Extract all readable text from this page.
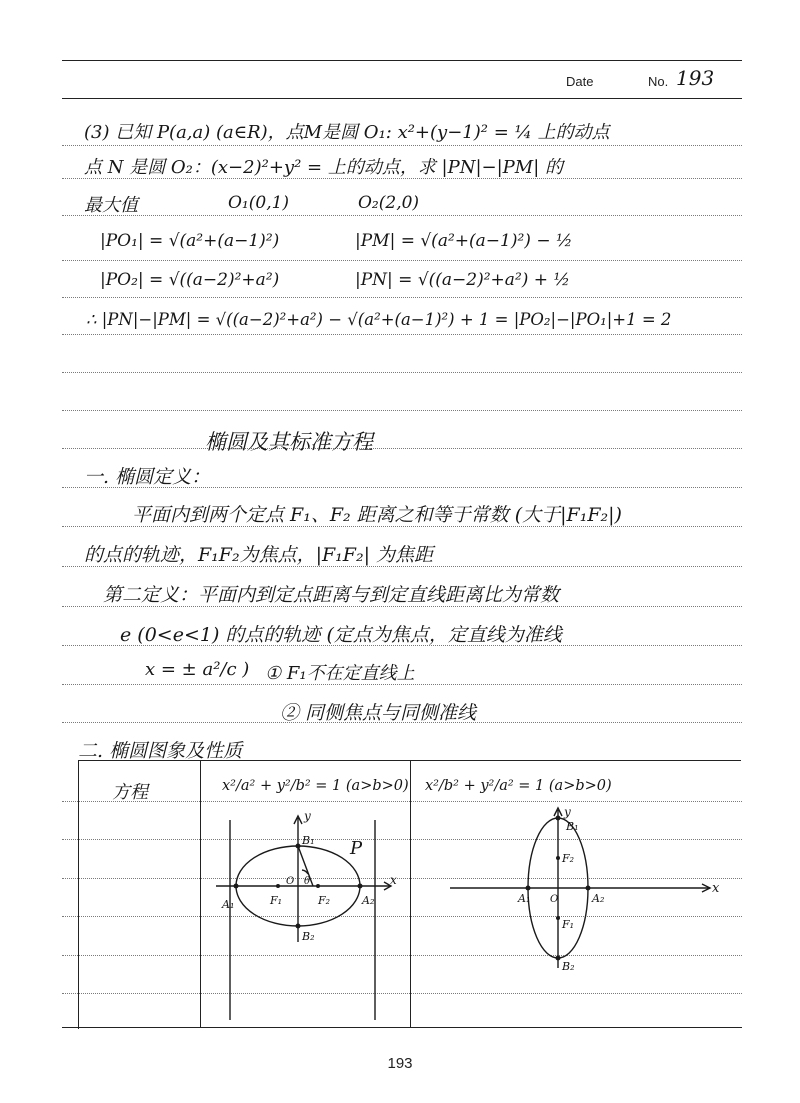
Date	No. 193
(3) 已知 P(a,a) (a∈R)，点M是圆 O₁: x²+(y−1)² = ¼ 上的动点
点 N 是圆 O₂：(x−2)²+y² = 上的动点，求 |PN|−|PM| 的
最大值	O₁(0,1)	O₂(2,0)
|PO₁| = √(a²+(a−1)²)	|PM| = √(a²+(a−1)²) − ½
|PO₂| = √((a−2)²+a²)	|PN| = √((a−2)²+a²) + ½
∴ |PN|−|PM| = √((a−2)²+a²) − √(a²+(a−1)²) + 1 = |PO₂|−|PO₁|+1 = 2
椭圆及其标准方程
一. 椭圆定义：
平面内到两个定点 F₁、F₂ 距离之和等于常数 (大于|F₁F₂|)
的点的轨迹，F₁F₂为焦点，|F₁F₂| 为焦距
第二定义：平面内到定点距离与到定直线距离比为常数
e (0<e<1) 的点的轨迹 (定点为焦点，定直线为准线
x = ± a²/c ) ① F₁不在定直线上
② 同侧焦点与同侧准线
二. 椭圆图象及性质
方程	x²/a² + y²/b² = 1 (a>b>0) x²/b² + y²/a² = 1 (a>b>0)
y
B₁ P
O θ
A₁	F₁	F₂	A₂
x
B₂
y
B₁
F₂
A₁ O	A₂
x
F₁
B₂
193
